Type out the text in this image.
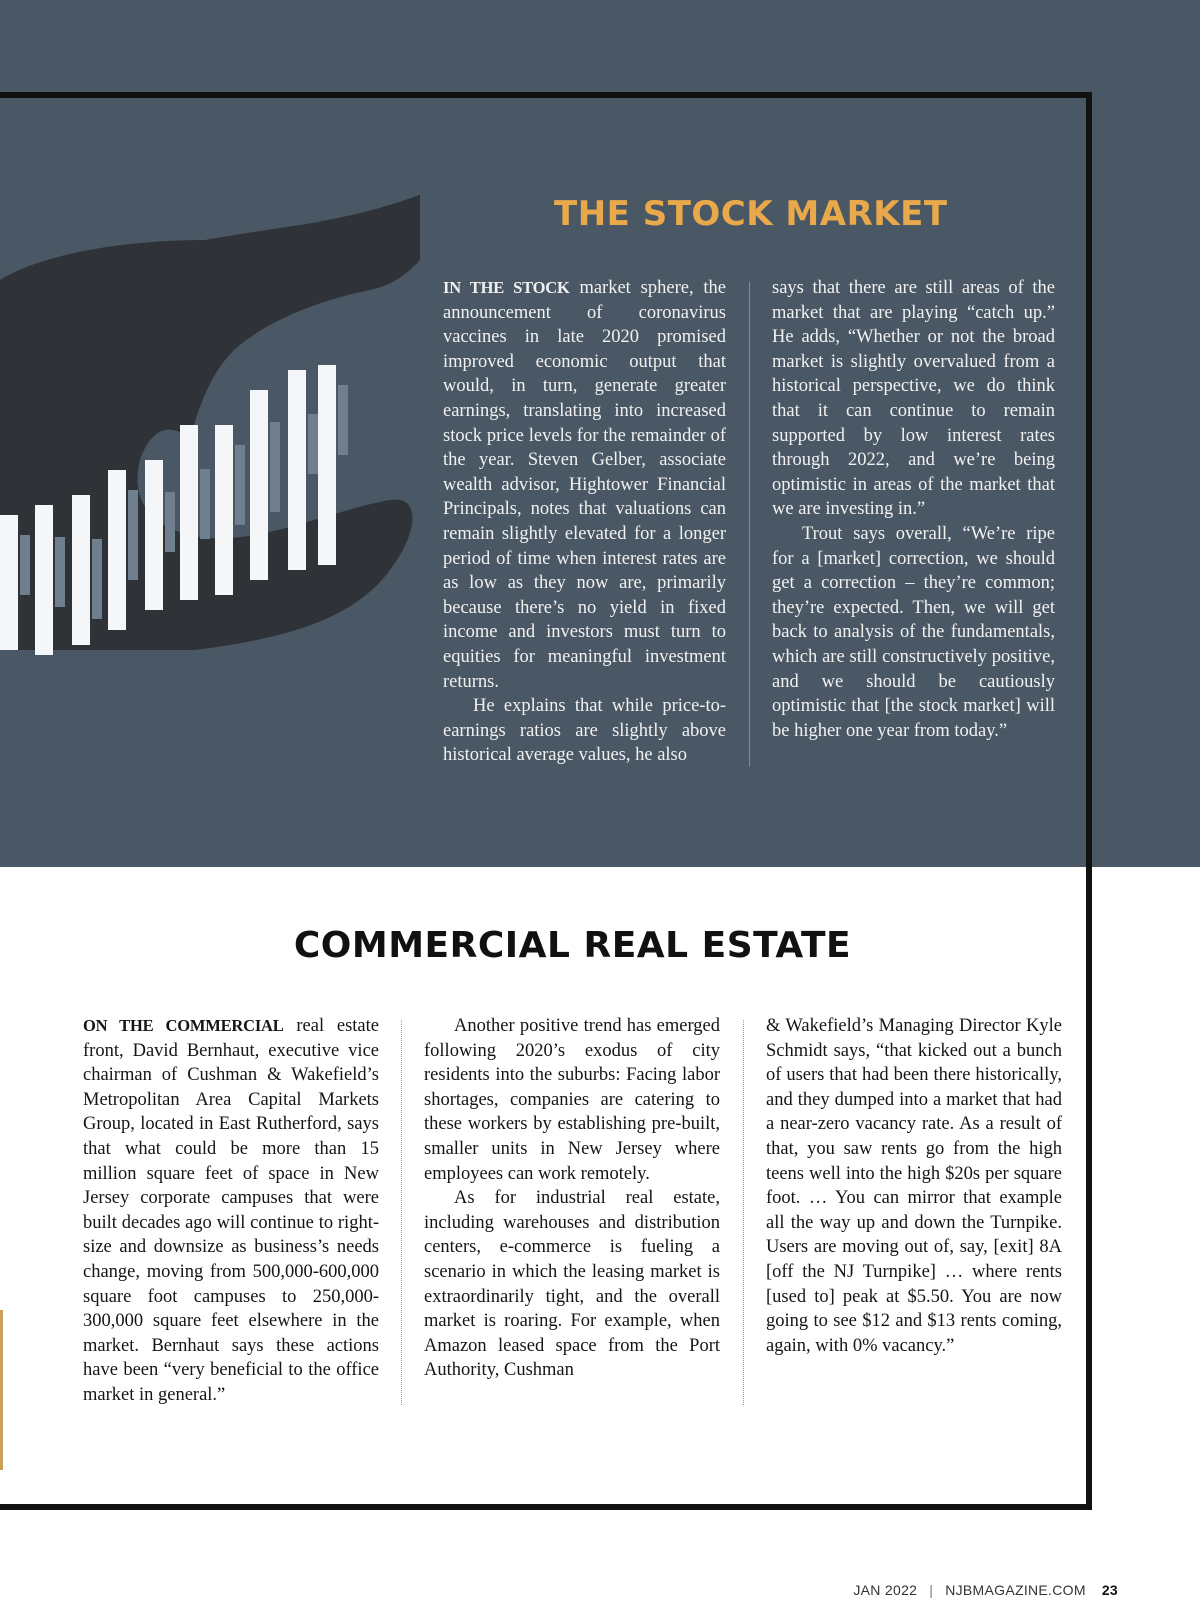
THE STOCK MARKET

IN THE STOCK market sphere, the announcement of coronavirus vaccines in late 2020 promised improved economic output that would, in turn, generate greater earnings, translating into increased stock price levels for the remainder of the year. Steven Gelber, associate wealth advisor, Hightower Financial Principals, notes that valuations can remain slightly elevated for a longer period of time when interest rates are as low as they now are, primarily because there’s no yield in fixed income and investors must turn to equities for meaningful investment returns.

He explains that while price-to-earnings ratios are slightly above historical average values, he also

says that there are still areas of the market that are playing “catch up.” He adds, “Whether or not the broad market is slightly overvalued from a historical perspective, we do think that it can continue to remain supported by low interest rates through 2022, and we’re being optimistic in areas of the market that we are investing in.”

Trout says overall, “We’re ripe for a [market] correction, we should get a correction – they’re common; they’re expected. Then, we will get back to analysis of the fundamentals, which are still constructively positive, and we should be cautiously optimistic that [the stock market] will be higher one year from today.”

COMMERCIAL REAL ESTATE

ON THE COMMERCIAL real estate front, David Bernhaut, executive vice chairman of Cushman & Wakefield’s Metropolitan Area Capital Markets Group, located in East Rutherford, says that what could be more than 15 million square feet of space in New Jersey corporate campuses that were built decades ago will continue to right-size and downsize as business’s needs change, moving from 500,000-600,000 square foot campuses to 250,000-300,000 square feet elsewhere in the market. Bernhaut says these actions have been “very beneficial to the office market in general.”

Another positive trend has emerged following 2020’s exodus of city residents into the suburbs: Facing labor shortages, companies are catering to these workers by establishing pre-built, smaller units in New Jersey where employees can work remotely.

As for industrial real estate, including warehouses and distribution centers, e-commerce is fueling a scenario in which the leasing market is extraordinarily tight, and the overall market is roaring. For example, when Amazon leased space from the Port Authority, Cushman

& Wakefield’s Managing Director Kyle Schmidt says, “that kicked out a bunch of users that had been there historically, and they dumped into a market that had a near-zero vacancy rate. As a result of that, you saw rents go from the high teens well into the high $20s per square foot. … You can mirror that example all the way up and down the Turnpike. Users are moving out of, say, [exit] 8A [off the NJ Turnpike] … where rents [used to] peak at $5.50. You are now going to see $12 and $13 rents coming, again, with 0% vacancy.”

JAN 2022 | NJBMAGAZINE.COM 23
